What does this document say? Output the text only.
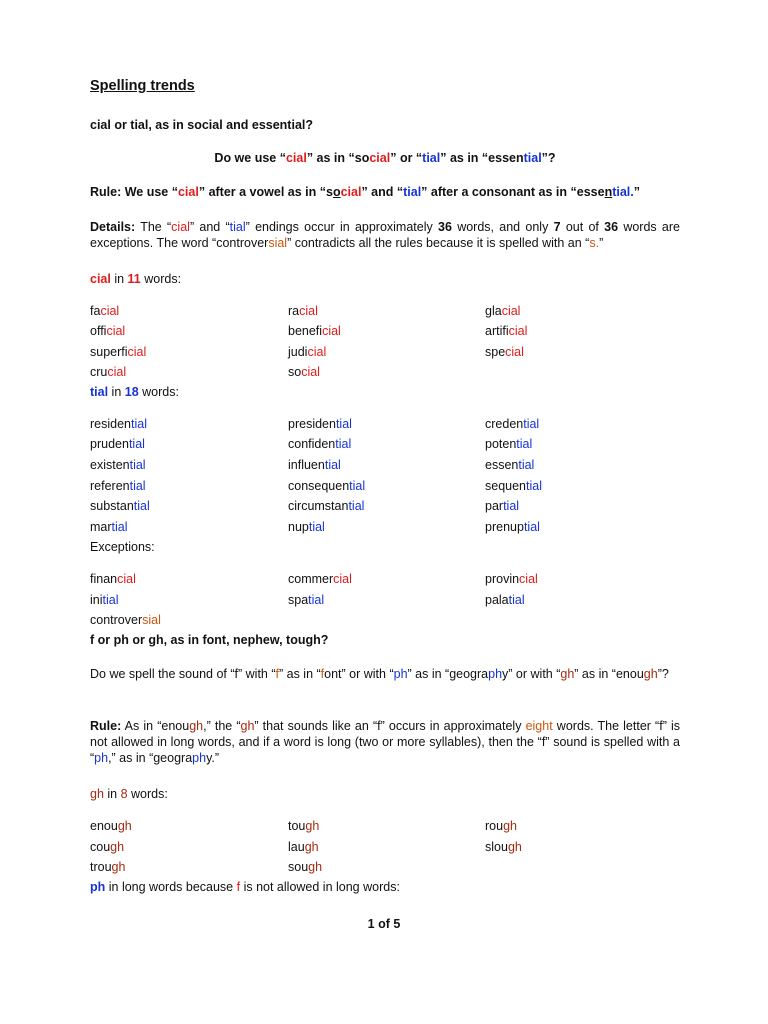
Spelling trends
cial or tial, as in social and essential?
Do we use “cial” as in “social” or “tial” as in “essential”?
Rule: We use “cial” after a vowel as in “social” and “tial” after a consonant as in “essential.”
Details: The “cial” and “tial” endings occur in approximately 36 words, and only 7 out of 36 words are exceptions. The word “controversial” contradicts all the rules because it is spelled with an “s.”
cial in 11 words:
facial	racial	glacial
official	beneficial	artificial
superficial	judicial	special
crucial	social
tial in 18 words:
residential	presidential	credential
prudential	confidential	potential
existential	influential	essential
referential	consequential	sequential
substantial	circumstantial	partial
martial	nuptial	prenuptial
Exceptions:
financial	commercial	provincial
initial	spatial	palatial
controversial
f or ph or gh, as in font, nephew, tough?
Do we spell the sound of “f” with “f” as in “font” or with “ph” as in “geography” or with “gh” as in “enough”?
Rule: As in “enough,” the “gh” that sounds like an “f” occurs in approximately eight words. The letter “f” is not allowed in long words, and if a word is long (two or more syllables), then the “f” sound is spelled with a “ph,” as in “geography.”
gh in 8 words:
enough	tough	rough
cough	laugh	slough
trough	sough
ph in long words because f is not allowed in long words:
1 of 5
